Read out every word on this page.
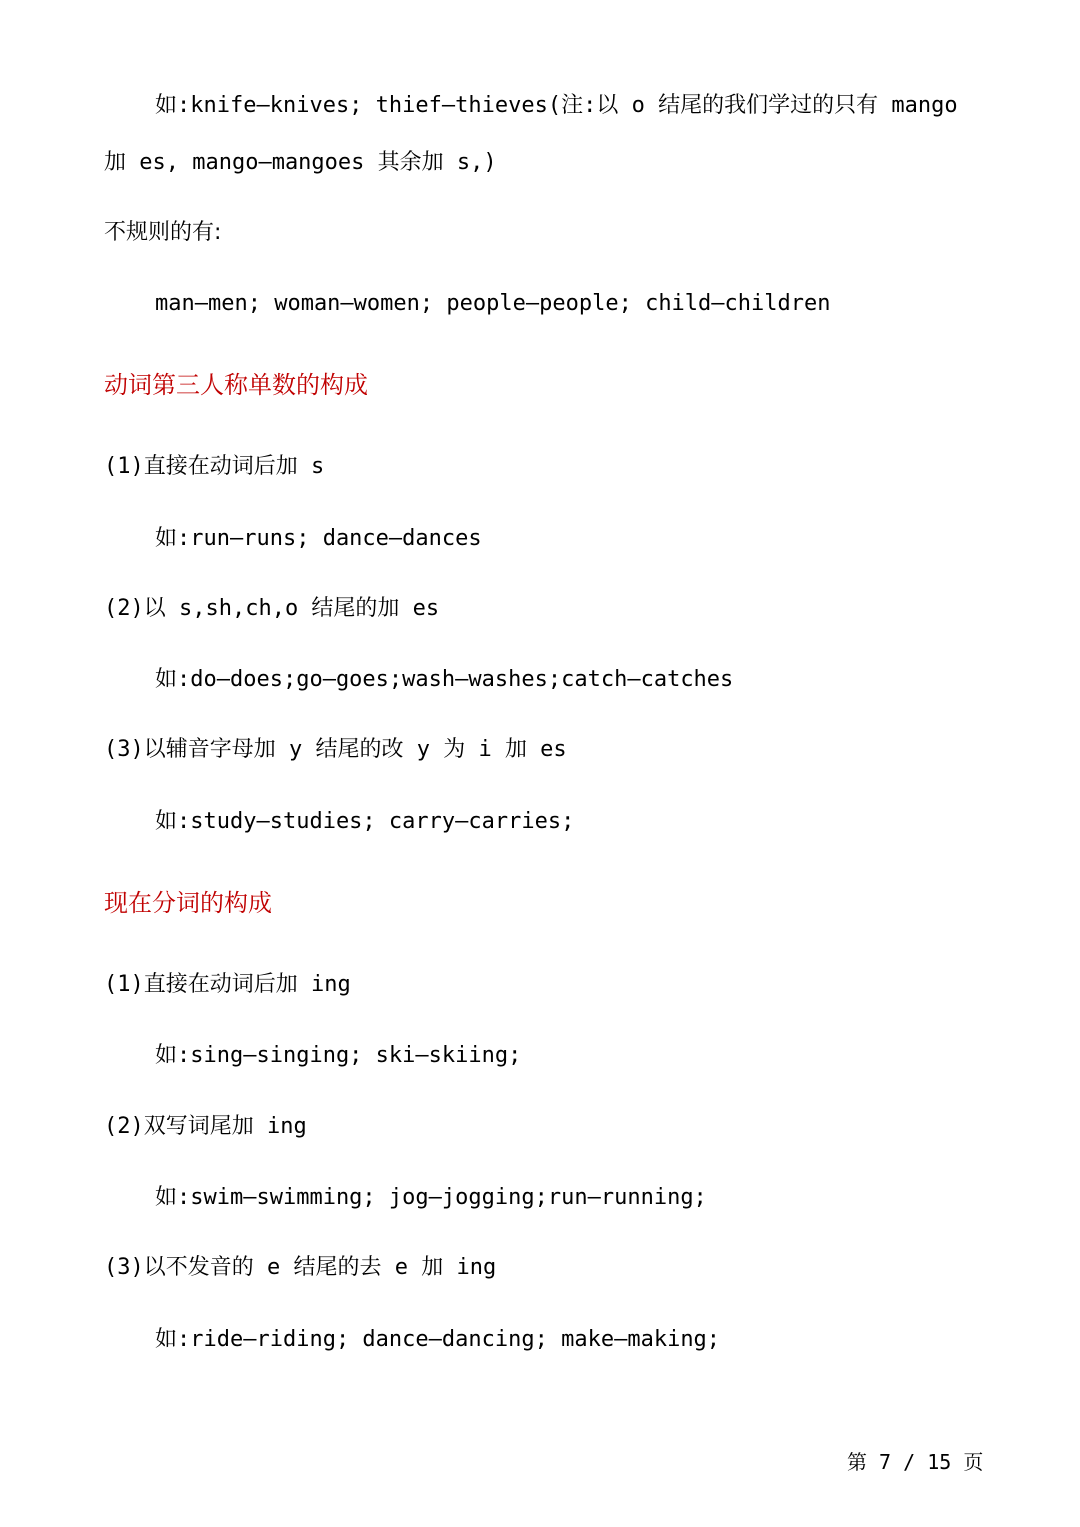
如:knife—knives; thief—thieves(注:以 o 结尾的我们学过的只有 mango
加 es, mango—mangoes 其余加 s,)
不规则的有:
man—men; woman—women; people—people; child—children
动词第三人称单数的构成
(1)直接在动词后加 s
如:run—runs; dance—dances
(2)以 s,sh,ch,o 结尾的加 es
如:do—does;go—goes;wash—washes;catch—catches
(3)以辅音字母加 y 结尾的改 y 为 i 加 es
如:study—studies; carry—carries;
现在分词的构成
(1)直接在动词后加 ing
如:sing—singing; ski—skiing;
(2)双写词尾加 ing
如:swim—swimming; jog—jogging;run—running;
(3)以不发音的 e 结尾的去 e 加 ing
如:ride—riding; dance—dancing; make—making;
第 7 / 15 页
